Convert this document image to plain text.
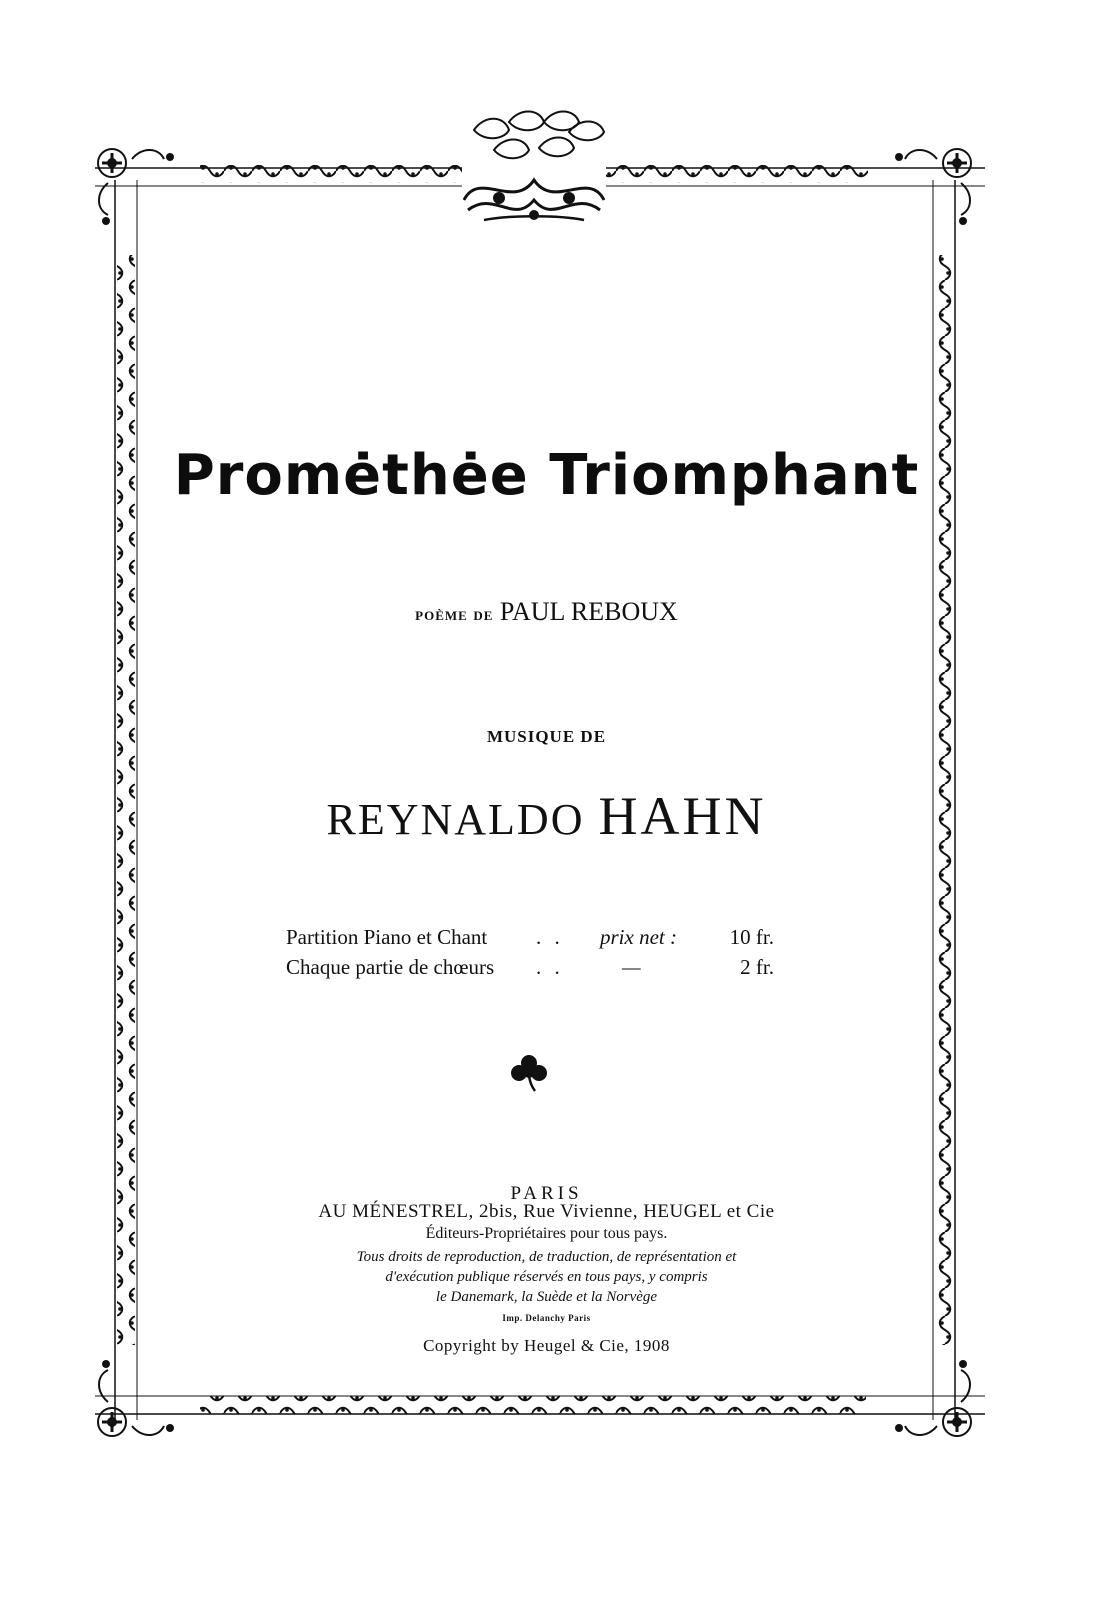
Promėthėe Triomphant
poème de PAUL REBOUX
MUSIQUE DE
REYNALDO HAHN
Partition Piano et Chant . . prix net :	10 fr.
Chaque partie de chœurs . .	—	2 fr.
PARIS
AU MÉNESTREL, 2bis, Rue Vivienne, HEUGEL et Cie
Éditeurs-Propriétaires pour tous pays.
Tous droits de reproduction, de traduction, de représentation et
d'exécution publique réservés en tous pays, y compris
le Danemark, la Suède et la Norvège
Imp. Delanchy Paris
Copyright by Heugel & Cie, 1908
